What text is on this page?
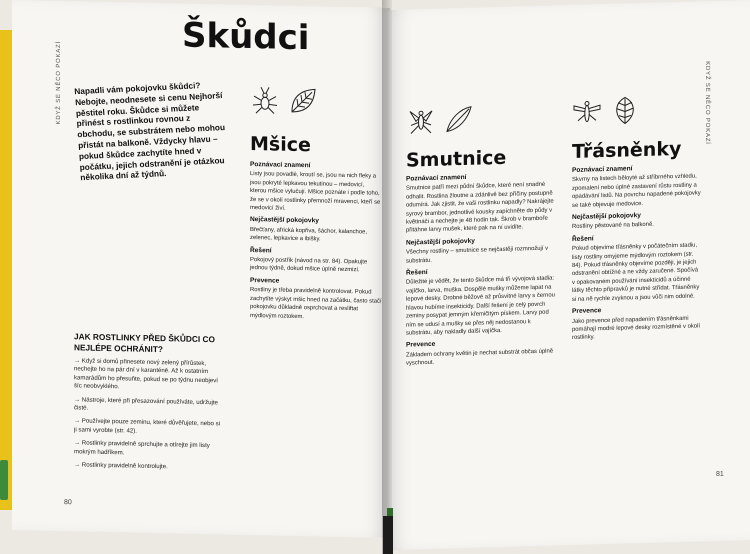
KDYŽ SE NĚCO POKAZÍ
Škůdci

Napadli vám pokojovku škůdci? Nebojte, neodnesete si cenu Nejhorší pěstitel roku. Škůdce si můžete přinést s rostlinkou rovnou z obchodu, se substrátem nebo mohou přistát na balkoně. Vždycky hlavu – pokud škůdce zachytíte hned v počátku, jejich odstranění je otázkou několika dní až týdnů.

Mšice
Poznávací znamení

Listy jsou povadlé, kroutí se, jsou na nich fleky a jsou pokryté lepkavou tekutinou – medovicí, kterou mšice vylučují. Mšice poznáte i podle toho, že se v okolí rostlinky přemnoží mravenci, kteří se medovicí živí.

Nejčastější pokojovky

Břečťany, africká kopřiva, šáchor, kalanchoe, zelenec, lepkavice a ibišky.

Řešení

Pokojový postřik (návod na str. 84). Opakujte jednou týdně, dokud mšice úplně nezmizí.

Prevence

Rostliny je třeba pravidelně kontrolovat. Pokud zachytíte výskyt mšic hned na začátku, často stačí pokojovku důkladně osprchovat a resliftat mýdlovým roztokem.

JAK ROSTLINKY PŘED ŠKŮDCI CO NEJLÉPE OCHRÁNIT?

→ Když si domů přinesete nový zelený přírůstek, nechejte ho na pár dní v karanténě. Až k ostatním kamarádům ho přesuňte, pokud se po týdnu neobjeví šíc neobvyklého.

→ Nástroje, které při přesazování používáte, udržujte čisté.

→ Používejte pouze zeminu, které důvěřujete, nebo si ji sami vyrobte (str. 42).

→ Rostlinky pravidelně sprchujte a otírejte jim listy mokrým hadříkem.

→ Rostlinky pravidelně kontrolujte.

80
KDYŽ SE NĚCO POKAZÍ
Smutnice
Poznávací znamení

Smutnice patří mezi půdní škůdce, které není snadné odhalit. Rostlina žloutne a zdánlivě bez příčiny postupně odumírá. Jak zjistit, že vaši rostlinku napadly? Nakrájejte syrový brambor, jednotlivé kousky zapíchněte do půdy v květináči a nechejte je 48 hodin tak. Škrob v bramboře přitáhne larvy mušek, které pak na ní uvidíte.

Nejčastější pokojovky

Všechny rostliny – smutnice se nejčastěji rozmnožují v substrátu.

Řešení

Důležité je vědět, že tento škůdce má tři vývojová stadia: vajíčko, larva, muška. Dospělé mušky můžeme lapat na lepové desky. Drobné běžové až průsvitné larvy s černou hlavou hubíme insekticidy. Další řešení je celý povrch zeminy posypat jemným křemičitým pískem. Larvy pod ním se udusí a mušky se přes něj nedostanou k substrátu, aby nakladly další vajíčka.

Prevence

Základem ochrany květin je nechat substrát občas úplně vyschnout.

Třásněnky
Poznávací znamení

Skvrny na listech běloyté až stříbrného vzhledu, zpomalení nebo úplné zastavení růstu rostliny a opadávání listů. Na povrchu napadené pokojovky se také objevuje medovice.

Nejčastější pokojovky

Rostliny pěstované na balkoně.

Řešení

Pokud objevíme třásněnky v počátečním stadiu, listy rostliny omyjeme mýdlovým roztokem (str. 84). Pokud třásněnky objevíme později, je jejich odstranění obtížné a ne vždy zaručené. Spočívá v opakovaném používání insekticidů a účinné látky těchto přípravků je nutné střídat. Třásněnky si na ně rychle zvyknou a jsou vůči nim odolné.

Prevence

Jako prevence před napadením třásněnkami pomáhají modré lepové desky rozmístěné v okolí rostlinky.

81
